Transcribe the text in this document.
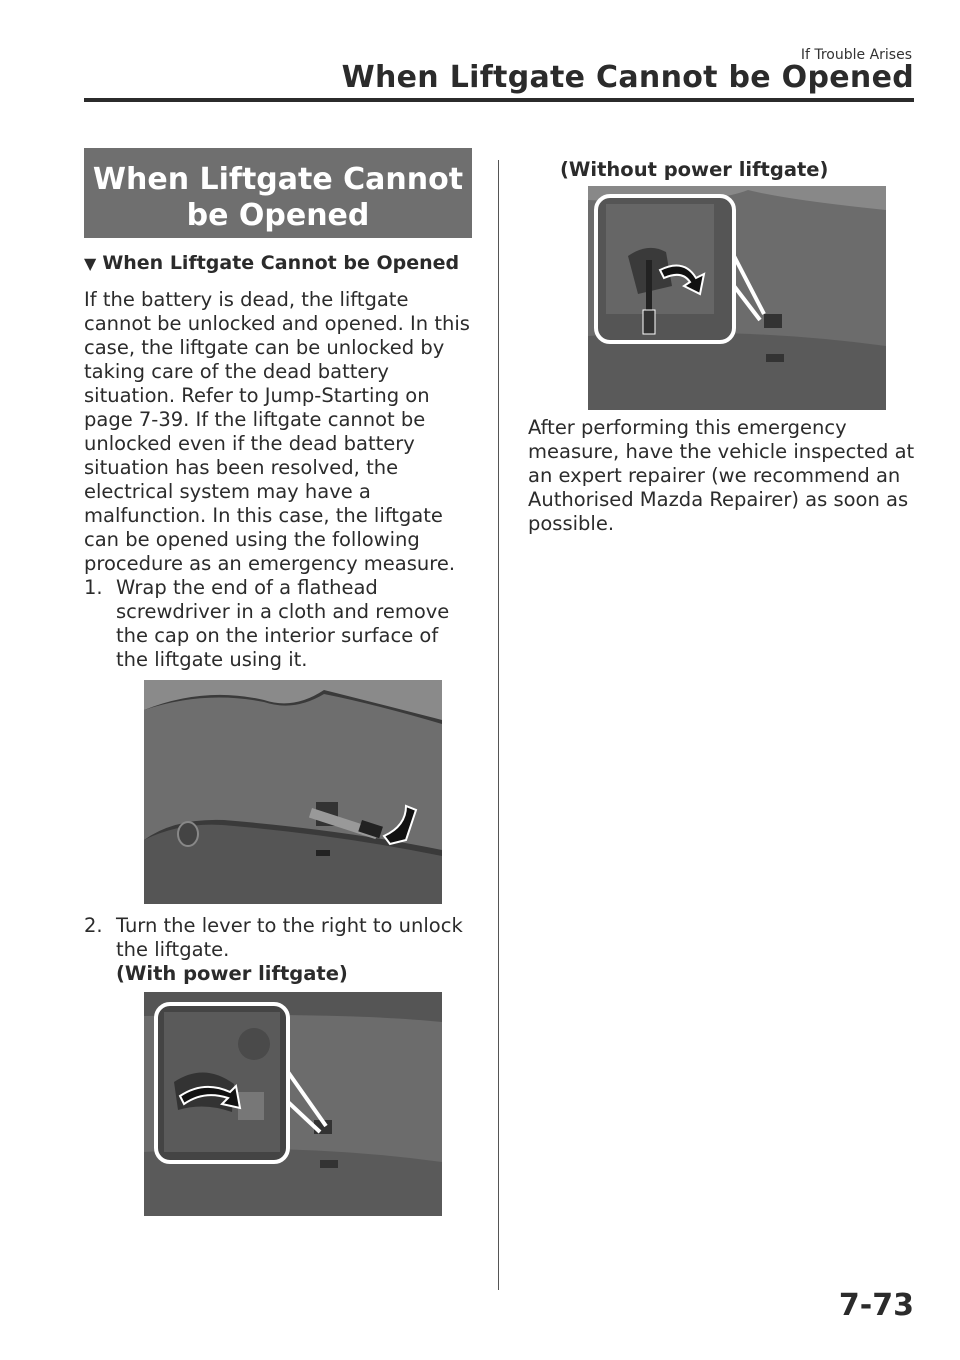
If Trouble Arises
When Liftgate Cannot be Opened
When Liftgate Cannot be Opened
▼ When Liftgate Cannot be Opened

If the battery is dead, the liftgate cannot be unlocked and opened. In this case, the liftgate can be unlocked by taking care of the dead battery situation. Refer to Jump-Starting on page 7-39. If the liftgate cannot be unlocked even if the dead battery situation has been resolved, the electrical system may have a malfunction. In this case, the liftgate can be opened using the following procedure as an emergency measure.

1. Wrap the end of a flathead screwdriver in a cloth and remove the cap on the interior surface of the liftgate using it.
2. Turn the lever to the right to unlock the liftgate.
(With power liftgate)
(Without power liftgate)

After performing this emergency measure, have the vehicle inspected at an expert repairer (we recommend an Authorised Mazda Repairer) as soon as possible.

7-73
